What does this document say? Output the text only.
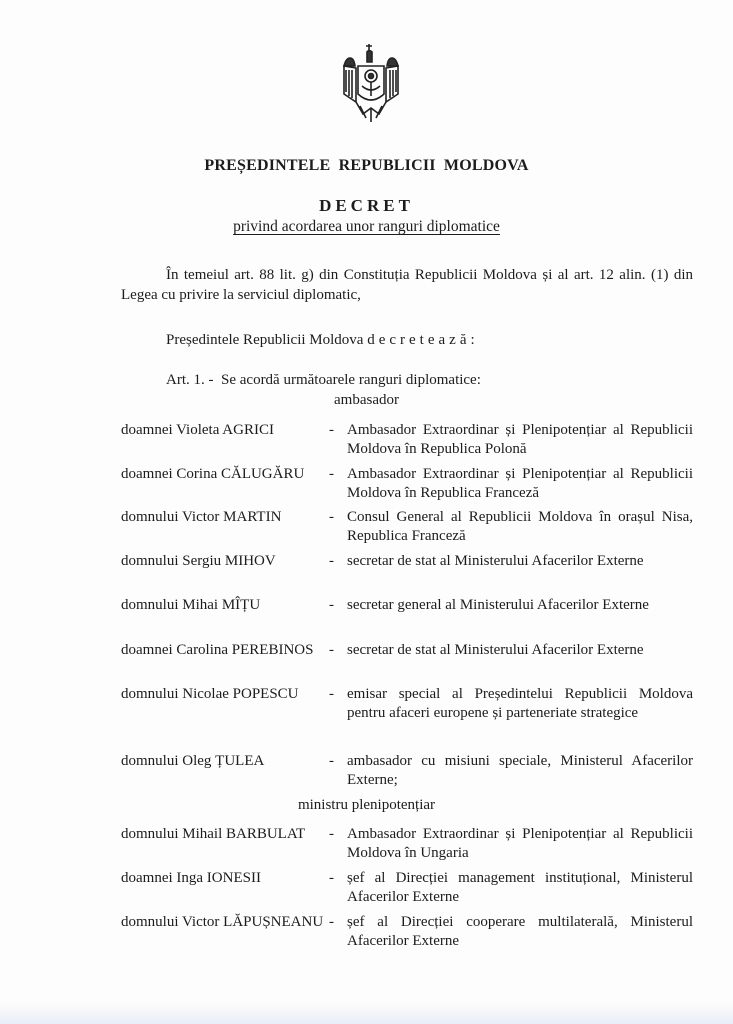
PREȘEDINTELE REPUBLICII MOLDOVA
DECRET
privind acordarea unor ranguri diplomatice
În temeiul art. 88 lit. g) din Constituția Republicii Moldova și al art. 12 alin. (1) din Legea cu privire la serviciul diplomatic,
Președintele Republicii Moldova decretează:
Art. 1. - Se acordă următoarele ranguri diplomatice:
ambasador
doamnei Violeta AGRICI	- Ambasador Extraordinar și Plenipotențiar al Republicii Moldova în Republica Polonă
doamnei Corina CĂLUGĂRU - Ambasador Extraordinar și Plenipotențiar al Republicii Moldova în Republica Franceză
domnului Victor MARTIN	- Consul General al Republicii Moldova în orașul Nisa, Republica Franceză
domnului Sergiu MIHOV	- secretar de stat al Ministerului Afacerilor Externe
domnului Mihai MÎȚU	- secretar general al Ministerului Afacerilor Externe
doamnei Carolina PEREBINOS - secretar de stat al Ministerului Afacerilor Externe
domnului Nicolae POPESCU - emisar special al Președintelui Republicii Moldova pentru afaceri europene și parteneriate strategice
domnului Oleg ȚULEA	- ambasador cu misiuni speciale, Ministerul Afacerilor Externe;
ministru plenipotențiar
domnului Mihail BARBULAT - Ambasador Extraordinar și Plenipotențiar al Republicii Moldova în Ungaria
doamnei Inga IONESII	- șef al Direcției management instituțional, Ministerul Afacerilor Externe
domnului Victor LĂPUȘNEANU - șef al Direcției cooperare multilaterală, Ministerul Afacerilor Externe
